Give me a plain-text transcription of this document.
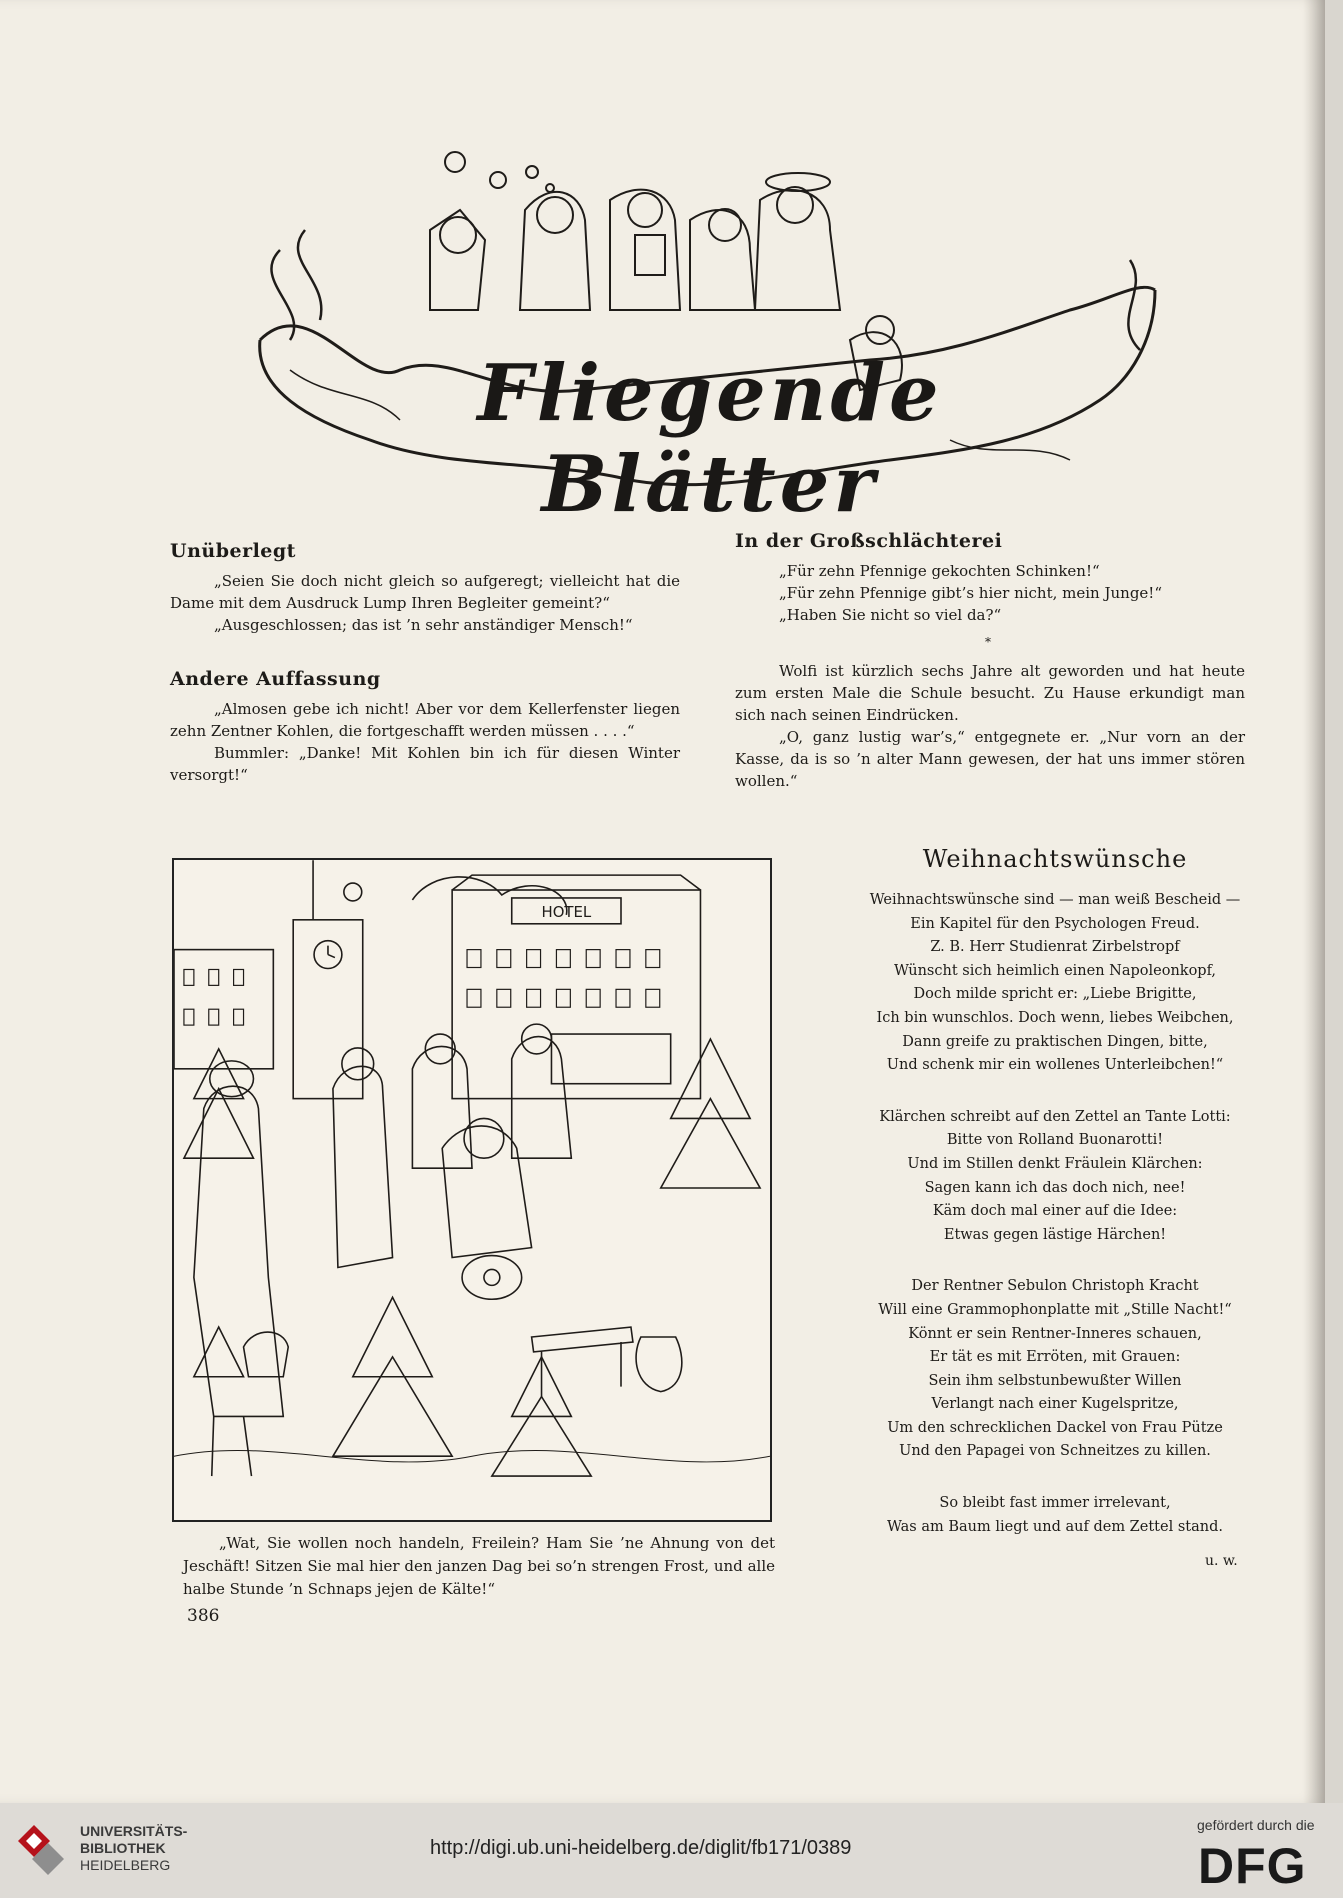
Fliegende Blätter
Unüberlegt

„Seien Sie doch nicht gleich so aufgeregt; vielleicht hat die Dame mit dem Ausdruck Lump Ihren Begleiter gemeint?“

„Ausgeschlossen; das ist ’n sehr anständiger Mensch!“

Andere Auffassung

„Almosen gebe ich nicht! Aber vor dem Kellerfenster liegen zehn Zentner Kohlen, die fortgeschafft werden müssen . . . .“

Bummler: „Danke! Mit Kohlen bin ich für diesen Winter versorgt!“

In der Großschlächterei

„Für zehn Pfennige gekochten Schinken!“

„Für zehn Pfennige gibt’s hier nicht, mein Junge!“

„Haben Sie nicht so viel da?“

*

Wolfi ist kürzlich sechs Jahre alt geworden und hat heute zum ersten Male die Schule besucht. Zu Hause erkundigt man sich nach seinen Eindrücken.

„O, ganz lustig war’s,“ entgegnete er. „Nur vorn an der Kasse, da is so ’n alter Mann gewesen, der hat uns immer stören wollen.“

HOTEL

„Wat, Sie wollen noch handeln, Freilein? Ham Sie ’ne Ahnung von det Jeschäft! Sitzen Sie mal hier den janzen Dag bei so’n strengen Frost, und alle halbe Stunde ’n Schnaps jejen de Kälte!“

386
Weihnachtswünsche
Weihnachtswünsche sind — man weiß Bescheid —
Ein Kapitel für den Psychologen Freud.
Z. B. Herr Studienrat Zirbelstropf
Wünscht sich heimlich einen Napoleonkopf,
Doch milde spricht er: „Liebe Brigitte,
Ich bin wunschlos. Doch wenn, liebes Weibchen,
Dann greife zu praktischen Dingen, bitte,
Und schenk mir ein wollenes Unterleibchen!“
Klärchen schreibt auf den Zettel an Tante Lotti:
Bitte von Rolland Buonarotti!
Und im Stillen denkt Fräulein Klärchen:
Sagen kann ich das doch nich, nee!
Käm doch mal einer auf die Idee:
Etwas gegen lästige Härchen!
Der Rentner Sebulon Christoph Kracht
Will eine Grammophonplatte mit „Stille Nacht!“
Könnt er sein Rentner-Inneres schauen,
Er tät es mit Erröten, mit Grauen:
Sein ihm selbstunbewußter Willen
Verlangt nach einer Kugelspritze,
Um den schrecklichen Dackel von Frau Pütze
Und den Papagei von Schneitzes zu killen.
So bleibt fast immer irrelevant,
Was am Baum liegt und auf dem Zettel stand.
u. w.
UNIVERSITÄTS-
BIBLIOTHEK
HEIDELBERG
http://digi.ub.uni-heidelberg.de/diglit/fb171/0389
gefördert durch die
DFG
